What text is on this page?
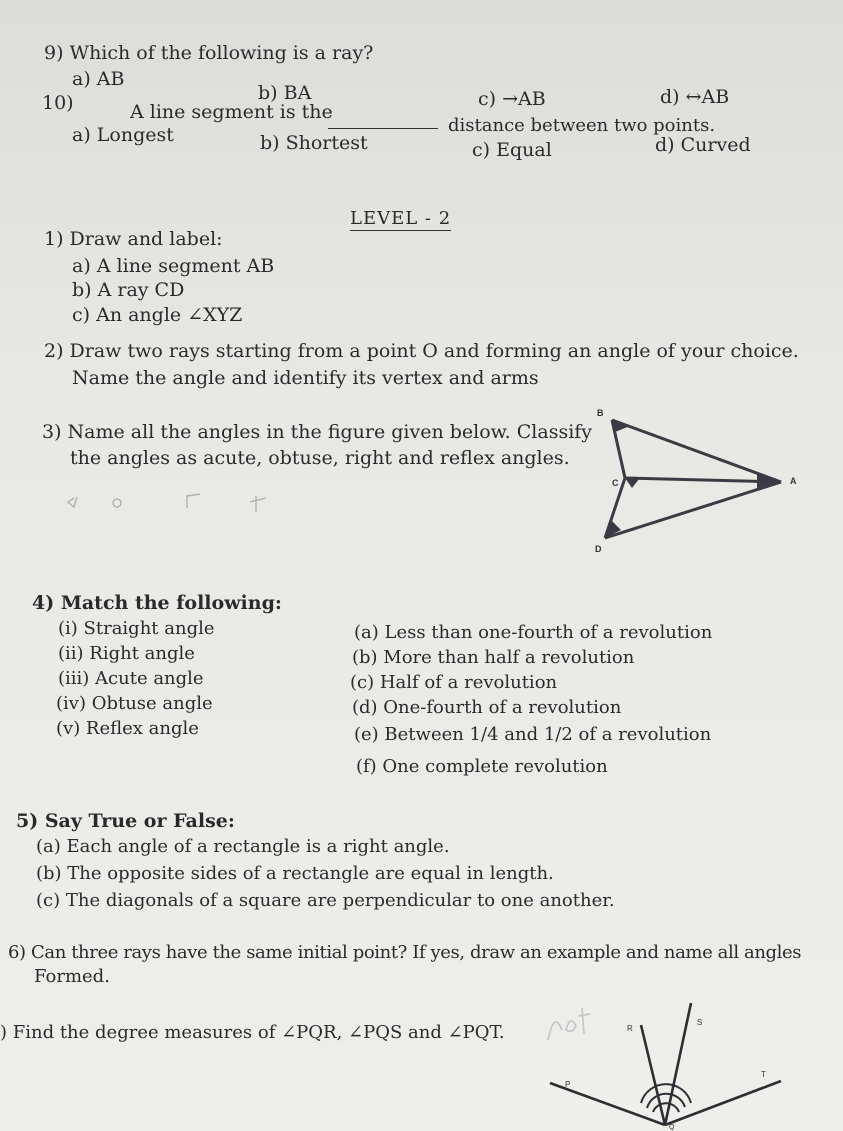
9) Which of the following is a ray?
a) AB
b) BA	c) →AB	d) ↔AB
10)	A line segment is the
distance between two points.
a) Longest	b) Shortest	c) Equal	d) Curved
LEVEL - 2
1) Draw and label:
a) A line segment AB
b) A ray CD
c) An angle ∠XYZ
2) Draw two rays starting from a point O and forming an angle of your choice.
Name the angle and identify its vertex and arms
3) Name all the angles in the figure given below. Classify
the angles as acute, obtuse, right and reflex angles.
B
C	A
D
4) Match the following:
(i) Straight angle
(ii) Right angle
(iii) Acute angle
(iv) Obtuse angle
(v) Reflex angle
(a) Less than one-fourth of a revolution
(b) More than half a revolution
(c) Half of a revolution
(d) One-fourth of a revolution
(e) Between 1/4 and 1/2 of a revolution
(f) One complete revolution
5) Say True or False:
(a) Each angle of a rectangle is a right angle.
(b) The opposite sides of a rectangle are equal in length.
(c) The diagonals of a square are perpendicular to one another.
6) Can three rays have the same initial point? If yes, draw an example and name all angles
Formed.
) Find the degree measures of ∠PQR, ∠PQS and ∠PQT.
P
R
S
T
Q
